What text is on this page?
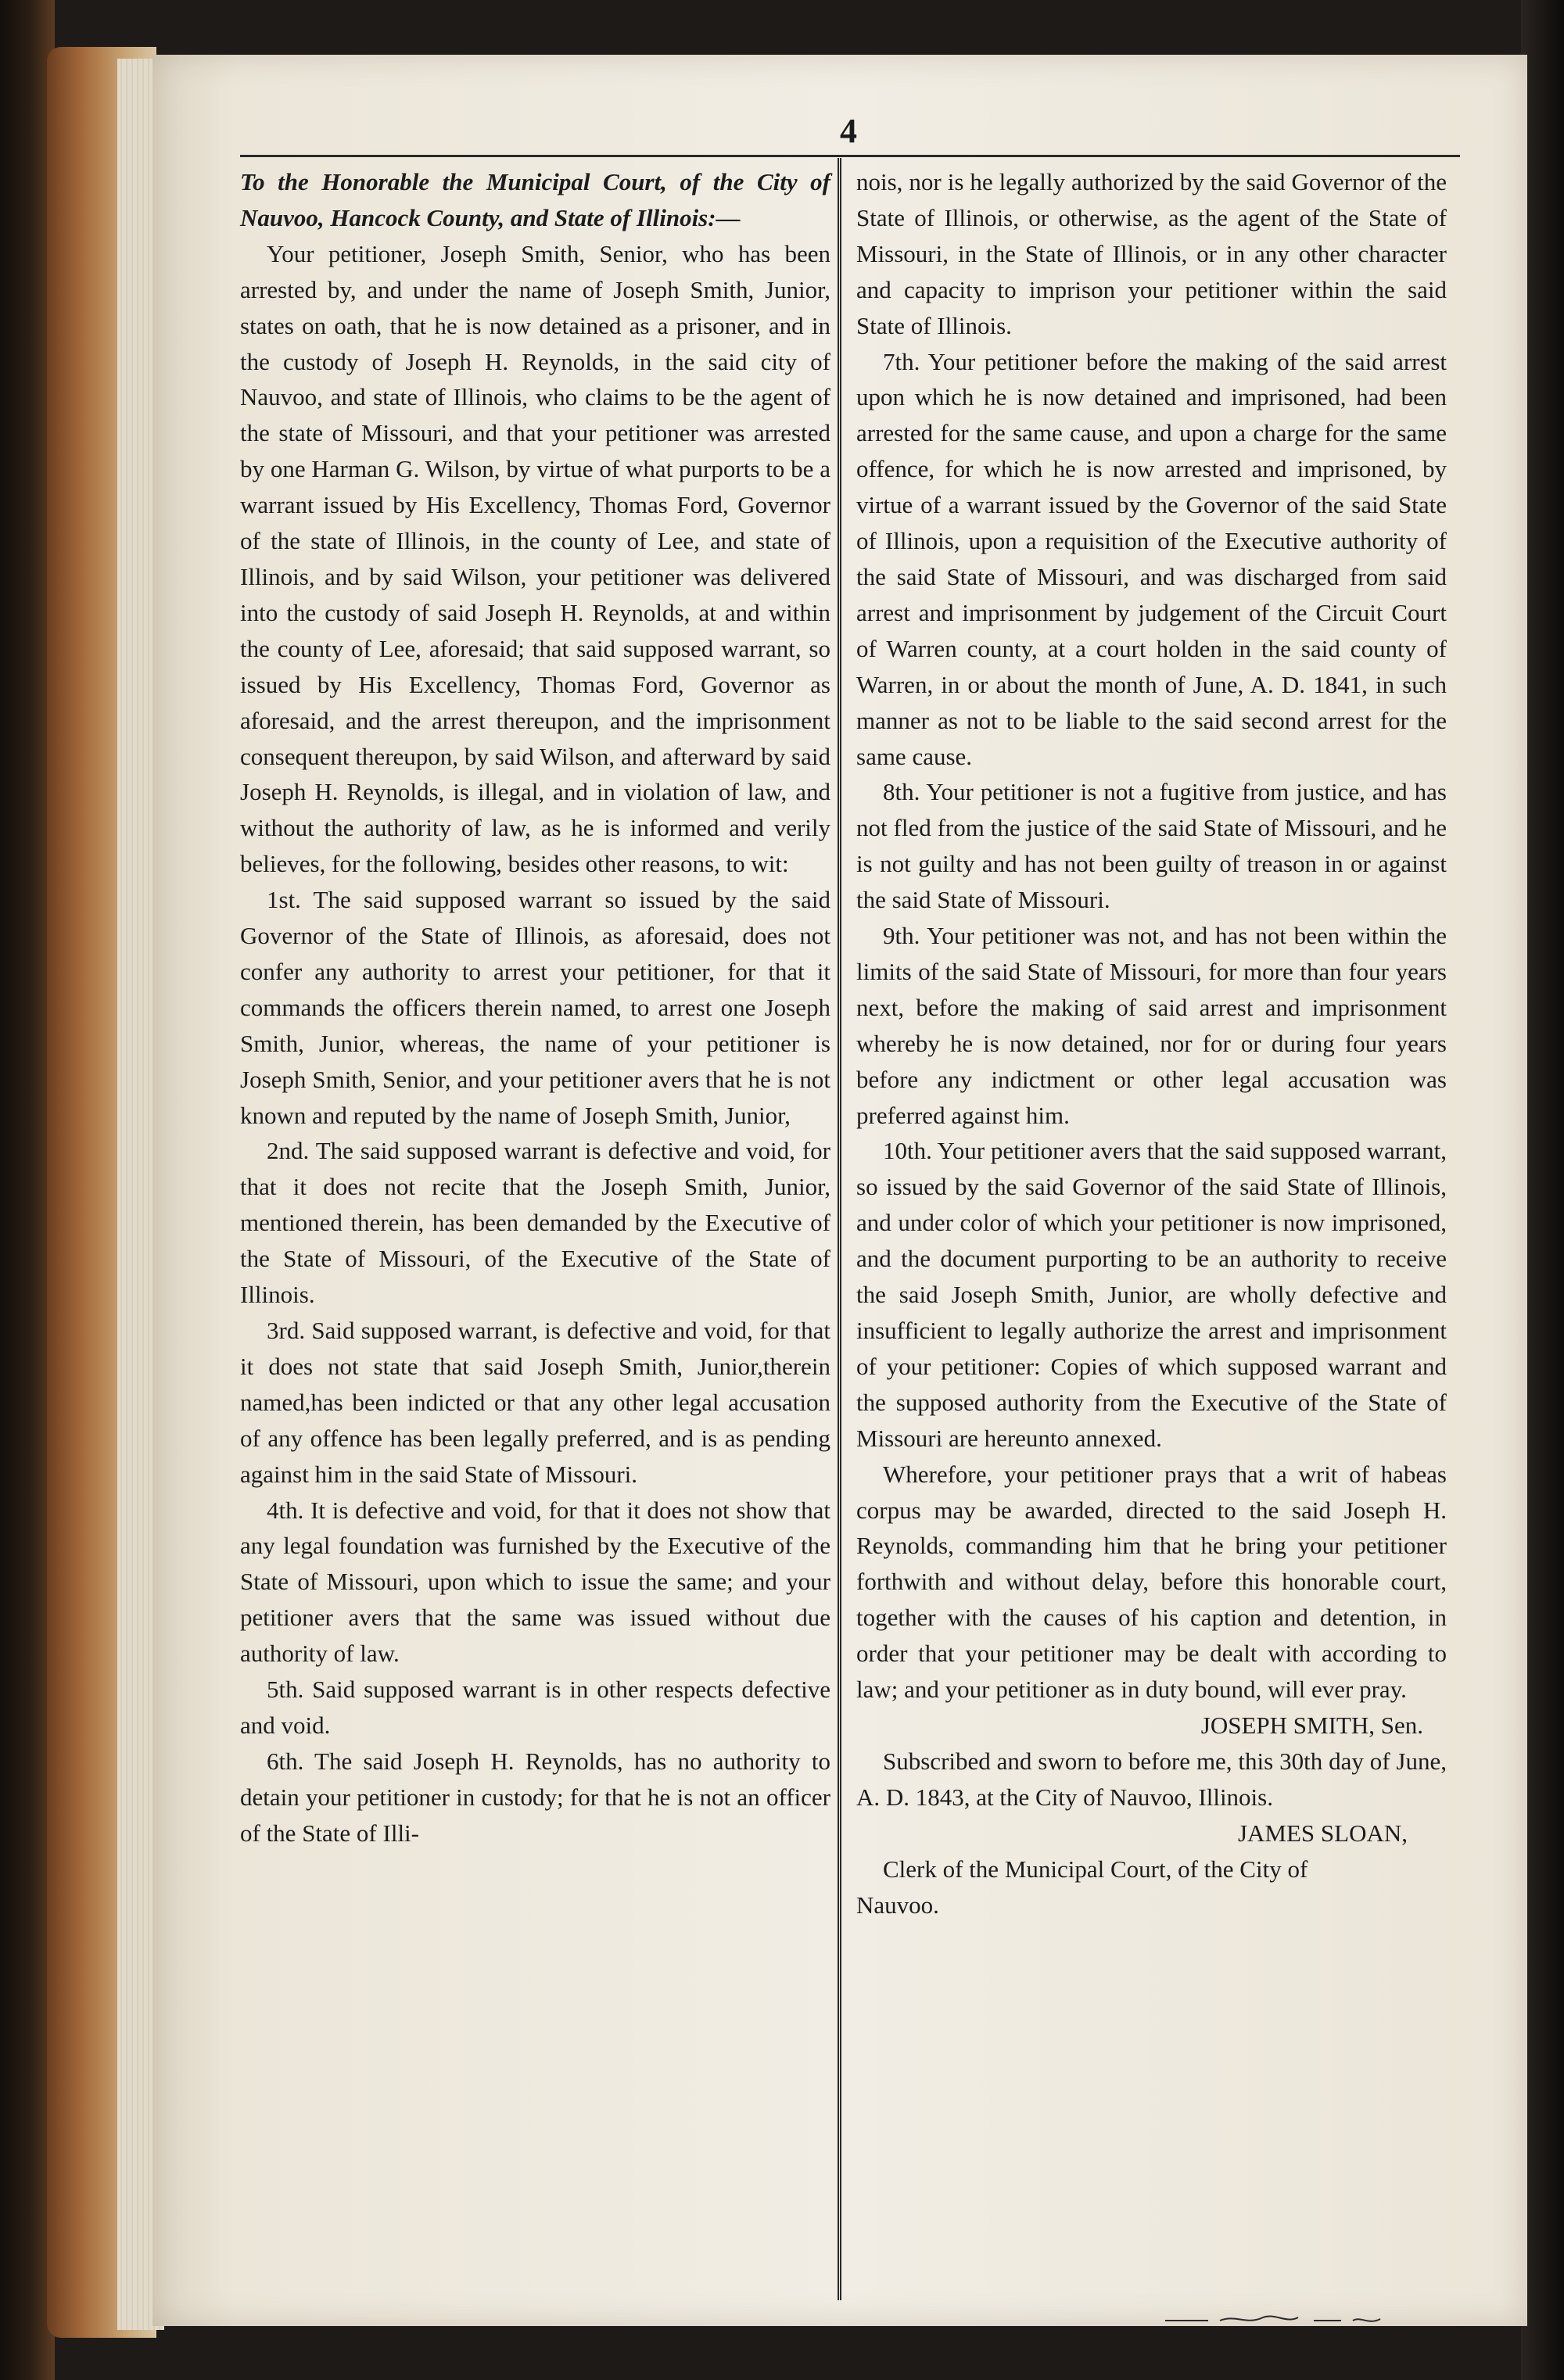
4

To the Honorable the Municipal Court, of the City of Nauvoo, Hancock County, and State of Illinois:—

Your petitioner, Joseph Smith, Senior, who has been arrested by, and under the name of Joseph Smith, Junior, states on oath, that he is now detained as a prisoner, and in the custody of Joseph H. Reynolds, in the said city of Nauvoo, and state of Illinois, who claims to be the agent of the state of Missouri, and that your petitioner was arrested by one Harman G. Wilson, by virtue of what purports to be a warrant issued by His Excellency, Thomas Ford, Governor of the state of Illinois, in the county of Lee, and state of Illinois, and by said Wilson, your petitioner was delivered into the custody of said Joseph H. Reynolds, at and within the county of Lee, aforesaid; that said supposed warrant, so issued by His Excellency, Thomas Ford, Governor as aforesaid, and the arrest thereupon, and the imprisonment consequent thereupon, by said Wilson, and afterward by said Joseph H. Reynolds, is illegal, and in violation of law, and without the authority of law, as he is informed and verily believes, for the following, besides other reasons, to wit:

1st. The said supposed warrant so issued by the said Governor of the State of Illinois, as aforesaid, does not confer any authority to arrest your petitioner, for that it commands the officers therein named, to arrest one Joseph Smith, Junior, whereas, the name of your petitioner is Joseph Smith, Senior, and your petitioner avers that he is not known and reputed by the name of Joseph Smith, Junior,

2nd. The said supposed warrant is defective and void, for that it does not recite that the Joseph Smith, Junior, mentioned therein, has been demanded by the Executive of the State of Missouri, of the Executive of the State of Illinois.

3rd. Said supposed warrant, is defective and void, for that it does not state that said Joseph Smith, Junior,therein named,has been indicted or that any other legal accusation of any offence has been legally preferred, and is as pending against him in the said State of Missouri.

4th. It is defective and void, for that it does not show that any legal foundation was furnished by the Executive of the State of Missouri, upon which to issue the same; and your petitioner avers that the same was issued without due authority of law.

5th. Said supposed warrant is in other respects defective and void.

6th. The said Joseph H. Reynolds, has no authority to detain your petitioner in custody; for that he is not an officer of the State of Illi-

nois, nor is he legally authorized by the said Governor of the State of Illinois, or otherwise, as the agent of the State of Missouri, in the State of Illinois, or in any other character and capacity to imprison your petitioner within the said State of Illinois.

7th. Your petitioner before the making of the said arrest upon which he is now detained and imprisoned, had been arrested for the same cause, and upon a charge for the same offence, for which he is now arrested and imprisoned, by virtue of a warrant issued by the Governor of the said State of Illinois, upon a requisition of the Executive authority of the said State of Missouri, and was discharged from said arrest and imprisonment by judgement of the Circuit Court of Warren county, at a court holden in the said county of Warren, in or about the month of June, A. D. 1841, in such manner as not to be liable to the said second arrest for the same cause.

8th. Your petitioner is not a fugitive from justice, and has not fled from the justice of the said State of Missouri, and he is not guilty and has not been guilty of treason in or against the said State of Missouri.

9th. Your petitioner was not, and has not been within the limits of the said State of Missouri, for more than four years next, before the making of said arrest and imprisonment whereby he is now detained, nor for or during four years before any indictment or other legal accusation was preferred against him.

10th. Your petitioner avers that the said supposed warrant, so issued by the said Governor of the said State of Illinois, and under color of which your petitioner is now imprisoned, and the document purporting to be an authority to receive the said Joseph Smith, Junior, are wholly defective and insufficient to legally authorize the arrest and imprisonment of your petitioner: Copies of which supposed warrant and the supposed authority from the Executive of the State of Missouri are hereunto annexed.

Wherefore, your petitioner prays that a writ of habeas corpus may be awarded, directed to the said Joseph H. Reynolds, commanding him that he bring your petitioner forthwith and without delay, before this honorable court, together with the causes of his caption and detention, in order that your petitioner may be dealt with according to law; and your petitioner as in duty bound, will ever pray.

JOSEPH SMITH, Sen.

Subscribed and sworn to before me, this 30th day of June, A. D. 1843, at the City of Nauvoo, Illinois.

JAMES SLOAN,

Clerk of the Municipal Court, of the City of
Nauvoo.
